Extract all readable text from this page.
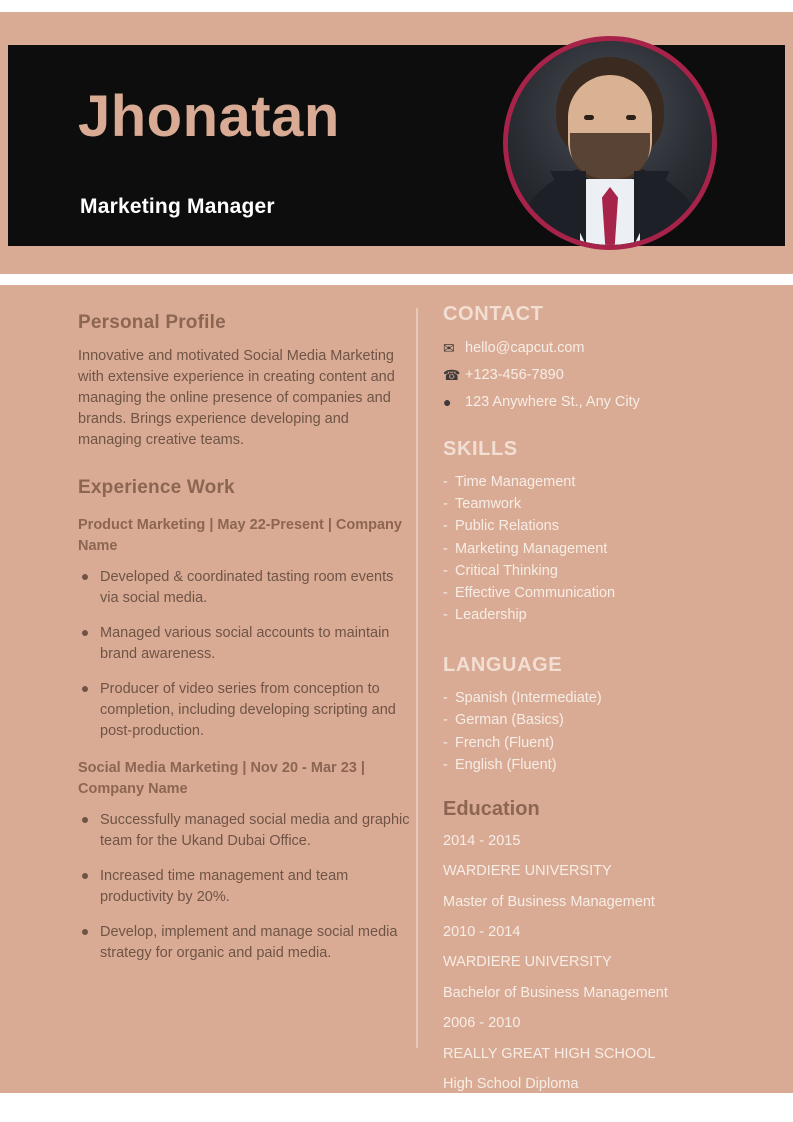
Jhonatan
Marketing Manager
Personal Profile

Innovative and motivated Social Media Marketing with extensive experience in creating content and managing the online presence of companies and brands. Brings experience developing and managing creative teams.

Experience Work
Product Marketing | May 22-Present | Company Name
Developed & coordinated tasting room events via social media.
Managed various social accounts to maintain brand awareness.
Producer of video series from conception to completion, including developing scripting and post-production.
Social Media Marketing | Nov 20 - Mar 23 | Company Name
Successfully managed social media and graphic team for the Ukand Dubai Office.
Increased time management and team productivity by 20%.
Develop, implement and manage social media strategy for organic and paid media.
CONTACT
✉ hello@capcut.com
☎ +123-456-7890
● 123 Anywhere St., Any City
SKILLS
- Time Management
- Teamwork
- Public Relations
- Marketing Management
- Critical Thinking
- Effective Communication
- Leadership
LANGUAGE
- Spanish (Intermediate)
- German (Basics)
- French (Fluent)
- English (Fluent)
Education
2014 - 2015
WARDIERE UNIVERSITY
Master of Business Management
2010 - 2014
WARDIERE UNIVERSITY
Bachelor of Business Management
2006 - 2010
REALLY GREAT HIGH SCHOOL
High School Diploma
